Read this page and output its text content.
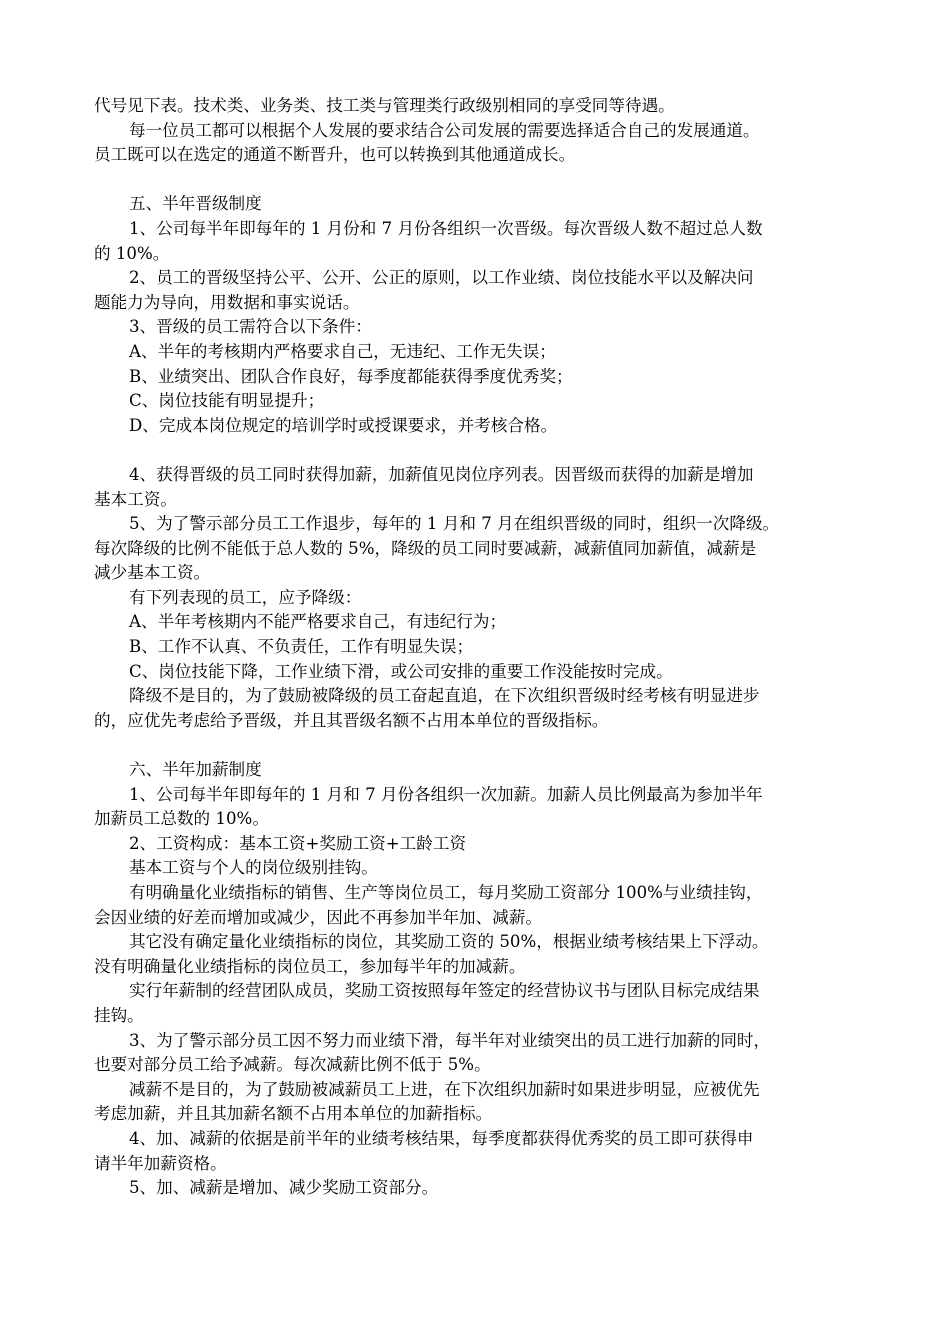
代号见下表。技术类、业务类、技工类与管理类行政级别相同的享受同等待遇。
每一位员工都可以根据个人发展的要求结合公司发展的需要选择适合自己的发展通道。
员工既可以在选定的通道不断晋升，也可以转换到其他通道成长。
五、半年晋级制度
1、公司每半年即每年的 1 月份和 7 月份各组织一次晋级。每次晋级人数不超过总人数
的 10%。
2、员工的晋级坚持公平、公开、公正的原则，以工作业绩、岗位技能水平以及解决问
题能力为导向，用数据和事实说话。
3、晋级的员工需符合以下条件：
A、半年的考核期内严格要求自己，无违纪、工作无失误；
B、业绩突出、团队合作良好，每季度都能获得季度优秀奖；
C、岗位技能有明显提升；
D、完成本岗位规定的培训学时或授课要求，并考核合格。
4、获得晋级的员工同时获得加薪，加薪值见岗位序列表。因晋级而获得的加薪是增加
基本工资。
5、为了警示部分员工工作退步，每年的 1 月和 7 月在组织晋级的同时，组织一次降级。
每次降级的比例不能低于总人数的 5%，降级的员工同时要减薪，减薪值同加薪值，减薪是
减少基本工资。
有下列表现的员工，应予降级：
A、半年考核期内不能严格要求自己，有违纪行为；
B、工作不认真、不负责任，工作有明显失误；
C、岗位技能下降，工作业绩下滑，或公司安排的重要工作没能按时完成。
降级不是目的，为了鼓励被降级的员工奋起直追，在下次组织晋级时经考核有明显进步
的，应优先考虑给予晋级，并且其晋级名额不占用本单位的晋级指标。
六、半年加薪制度
1、公司每半年即每年的 1 月和 7 月份各组织一次加薪。加薪人员比例最高为参加半年
加薪员工总数的 10%。
2、工资构成：基本工资+奖励工资+工龄工资
基本工资与个人的岗位级别挂钩。
有明确量化业绩指标的销售、生产等岗位员工，每月奖励工资部分 100%与业绩挂钩，
会因业绩的好差而增加或减少，因此不再参加半年加、减薪。
其它没有确定量化业绩指标的岗位，其奖励工资的 50%，根据业绩考核结果上下浮动。
没有明确量化业绩指标的岗位员工，参加每半年的加减薪。
实行年薪制的经营团队成员，奖励工资按照每年签定的经营协议书与团队目标完成结果
挂钩。
3、为了警示部分员工因不努力而业绩下滑，每半年对业绩突出的员工进行加薪的同时，
也要对部分员工给予减薪。每次减薪比例不低于 5%。
减薪不是目的，为了鼓励被减薪员工上进，在下次组织加薪时如果进步明显，应被优先
考虑加薪，并且其加薪名额不占用本单位的加薪指标。
4、加、减薪的依据是前半年的业绩考核结果，每季度都获得优秀奖的员工即可获得申
请半年加薪资格。
5、加、减薪是增加、减少奖励工资部分。
